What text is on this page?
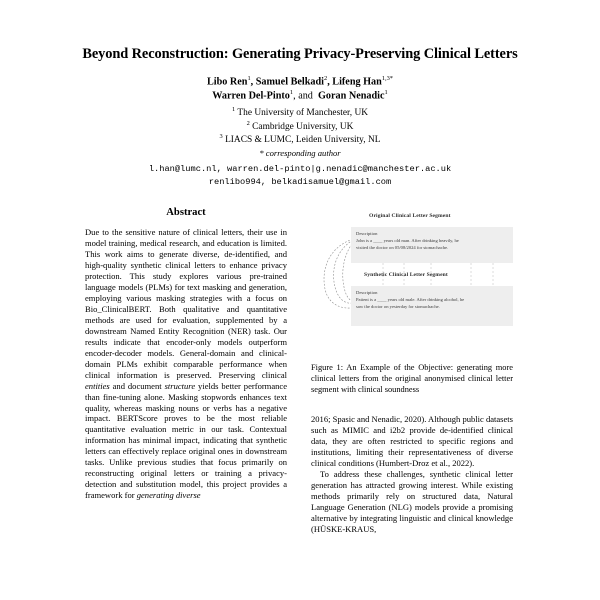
Beyond Reconstruction: Generating Privacy-Preserving Clinical Letters
Libo Ren$^1$, Samuel Belkadi$^2$, Lifeng Han$^{1,3*}$
Warren Del-Pinto$^1$, and Goran Nenadic$^1$
$^1$ The University of Manchester, UK
$^2$ Cambridge University, UK
$^3$ LIACS & LUMC, Leiden University, NL
* corresponding author
l.han@lumc.nl, warren.del-pinto|g.nenadic@manchester.ac.uk
renlibo994, belkadisamuel@gmail.com
Abstract

Due to the sensitive nature of clinical letters, their use in model training, medical research, and education is limited. This work aims to generate diverse, de-identified, and high-quality synthetic clinical letters to enhance privacy protection. This study explores various pre-trained language models (PLMs) for text masking and generation, employing various masking strategies with a focus on Bio_ClinicalBERT. Both qualitative and quantitative methods are used for evaluation, supplemented by a downstream Named Entity Recognition (NER) task. Our results indicate that encoder-only models outperform encoder-decoder models. General-domain and clinical-domain PLMs exhibit comparable performance when clinical information is preserved. Preserving clinical entities and document structure yields better performance than fine-tuning alone. Masking stopwords enhances text quality, whereas masking nouns or verbs has a negative impact. BERTScore proves to be the most reliable quantitative evaluation metric in our task. Contextual information has minimal impact, indicating that synthetic letters can effectively replace original ones in downstream tasks. Unlike previous studies that focus primarily on reconstructing original letters or training a privacy-detection and substitution model, this project provides a framework for generating diverse

Original Clinical Letter Segment
Description
John is a ____ years old man. After drinking heavily, he
visited the doctor on 05/08/2024 for stomachache.
Synthetic Clinical Letter Segment
Description
Patient is a ____ years old male. After drinking alcohol, he
saw the doctor on yesterday for stomachache.
Figure 1: An Example of the Objective: generating more clinical letters from the original anonymised clinical letter segment with clinical soundness

2016; Spasic and Nenadic, 2020). Although public datasets such as MIMIC and i2b2 provide de-identified clinical data, they are often restricted to specific regions and institutions, limiting their representativeness of diverse clinical conditions (Humbert-Droz et al., 2022).

To address these challenges, synthetic clinical letter generation has attracted growing interest. While existing methods primarily rely on structured data, Natural Language Generation (NLG) models provide a promising alternative by integrating linguistic and clinical knowledge (HÜSKE-KRAUS,
